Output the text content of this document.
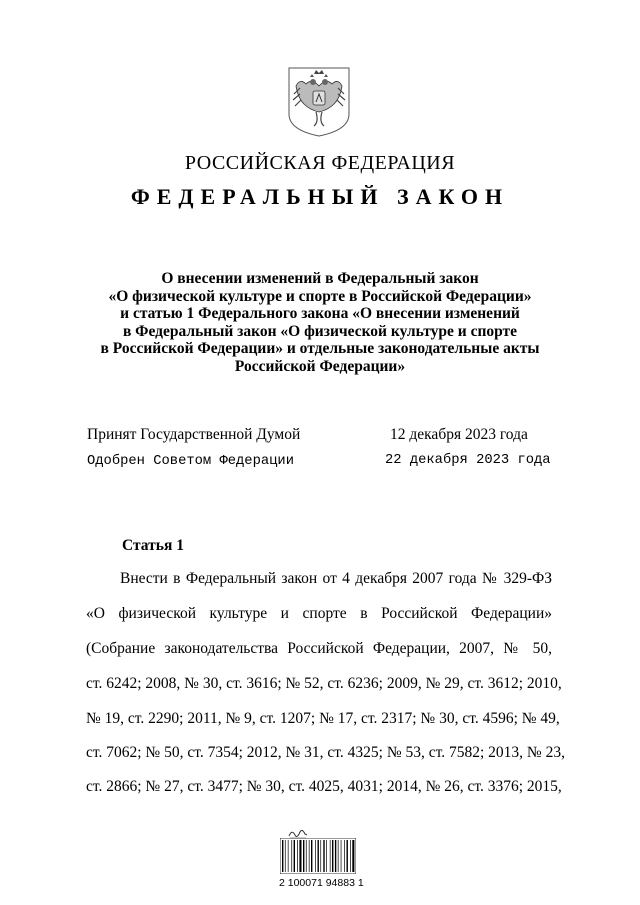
РОССИЙСКАЯ ФЕДЕРАЦИЯ
ФЕДЕРАЛЬНЫЙ ЗАКОН
О внесении изменений в Федеральный закон
«О физической культуре и спорте в Российской Федерации»
и статью 1 Федерального закона «О внесении изменений
в Федеральный закон «О физической культуре и спорте
в Российской Федерации» и отдельные законодательные акты
Российской Федерации»
Принят Государственной Думой	12 декабря 2023 года
Одобрен Советом Федерации	22 декабря 2023 года
Статья 1
Внести в Федеральный закон от 4 декабря 2007 года № 329-ФЗ
«О физической культуре и спорте в Российской Федерации»
(Собрание законодательства Российской Федерации, 2007, № 50,
ст. 6242; 2008, № 30, ст. 3616; № 52, ст. 6236; 2009, № 29, ст. 3612; 2010,
№ 19, ст. 2290; 2011, № 9, ст. 1207; № 17, ст. 2317; № 30, ст. 4596; № 49,
ст. 7062; № 50, ст. 7354; 2012, № 31, ст. 4325; № 53, ст. 7582; 2013, № 23,
ст. 2866; № 27, ст. 3477; № 30, ст. 4025, 4031; 2014, № 26, ст. 3376; 2015,
2 100071 94883 1
